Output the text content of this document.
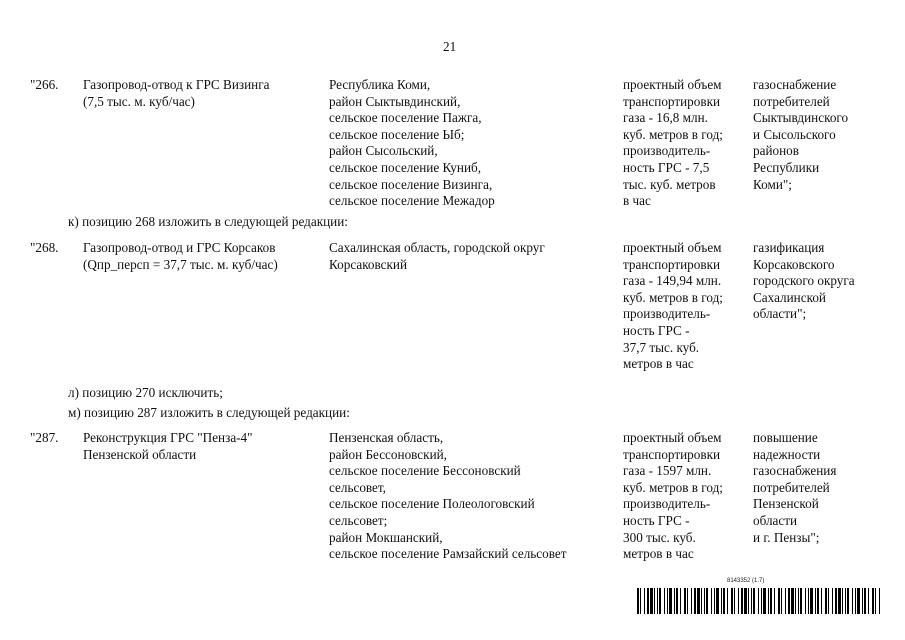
21
"266. Газопровод-отвод к ГРС Визинга
(7,5 тыс. м. куб/час)
Республика Коми,
район Сыктывдинский,
сельское поселение Пажга,
сельское поселение Ыб;
район Сысольский,
сельское поселение Куниб,
сельское поселение Визинга,
сельское поселение Межадор
проектный объем
транспортировки
газа - 16,8 млн.
куб. метров в год;
производитель-
ность ГРС - 7,5
тыс. куб. метров
в час
газоснабжение
потребителей
Сыктывдинского
и Сысольского
районов
Республики
Коми";
к) позицию 268 изложить в следующей редакции:
"268. Газопровод-отвод и ГРС Корсаков
(Qпр_персп = 37,7 тыс. м. куб/час)
Сахалинская область, городской округ
Корсаковский
проектный объем
транспортировки
газа - 149,94 млн.
куб. метров в год;
производитель-
ность ГРС -
37,7 тыс. куб.
метров в час
газификация
Корсаковского
городского округа
Сахалинской
области";
л) позицию 270 исключить;
м) позицию 287 изложить в следующей редакции:
"287. Реконструкция ГРС "Пенза-4"
Пензенской области
Пензенская область,
район Бессоновский,
сельское поселение Бессоновский
сельсовет,
сельское поселение Полеологовский
сельсовет;
район Мокшанский,
сельское поселение Рамзайский сельсовет
проектный объем
транспортировки
газа - 1597 млн.
куб. метров в год;
производитель-
ность ГРС -
300 тыс. куб.
метров в час
повышение
надежности
газоснабжения
потребителей
Пензенской
области
и г. Пензы";
8143352 (1.7)
